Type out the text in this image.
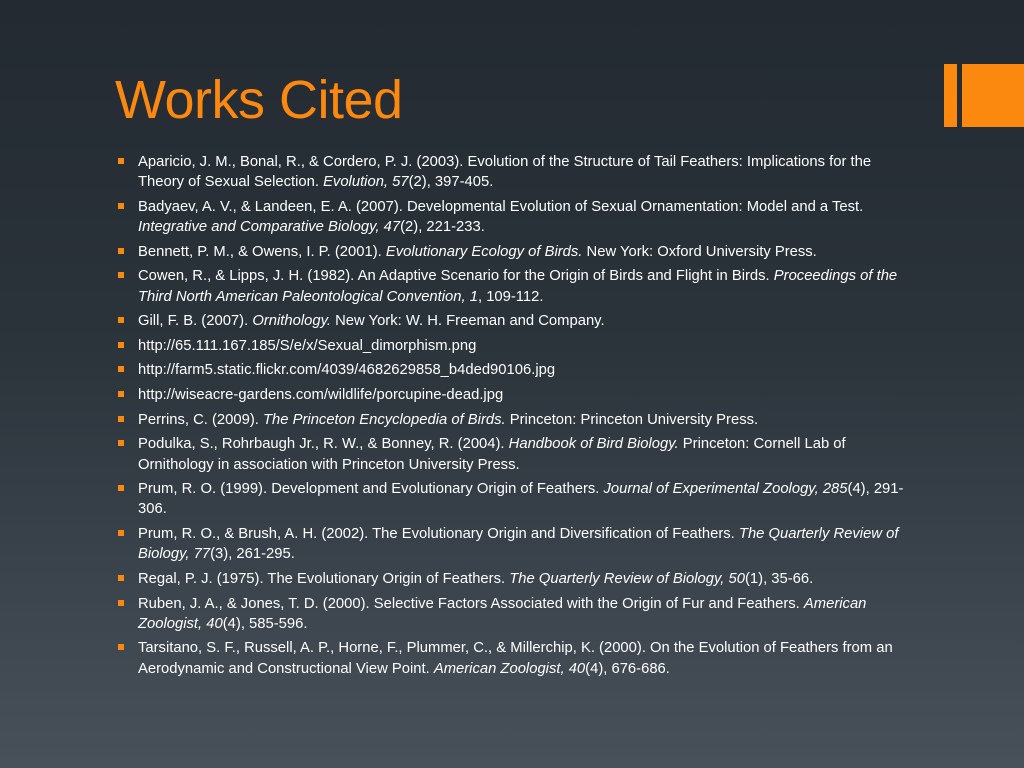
Works Cited
Aparicio, J. M., Bonal, R., & Cordero, P. J. (2003). Evolution of the Structure of Tail Feathers: Implications for the Theory of Sexual Selection. Evolution, 57(2), 397-405.
Badyaev, A. V., & Landeen, E. A. (2007). Developmental Evolution of Sexual Ornamentation: Model and a Test. Integrative and Comparative Biology, 47(2), 221-233.
Bennett, P. M., & Owens, I. P. (2001). Evolutionary Ecology of Birds. New York: Oxford University Press.
Cowen, R., & Lipps, J. H. (1982). An Adaptive Scenario for the Origin of Birds and Flight in Birds. Proceedings of the Third North American Paleontological Convention, 1, 109-112.
Gill, F. B. (2007). Ornithology. New York: W. H. Freeman and Company.
http://65.111.167.185/S/e/x/Sexual_dimorphism.png
http://farm5.static.flickr.com/4039/4682629858_b4ded90106.jpg
http://wiseacre-gardens.com/wildlife/porcupine-dead.jpg
Perrins, C. (2009). The Princeton Encyclopedia of Birds. Princeton: Princeton University Press.
Podulka, S., Rohrbaugh Jr., R. W., & Bonney, R. (2004). Handbook of Bird Biology. Princeton: Cornell Lab of Ornithology in association with Princeton University Press.
Prum, R. O. (1999). Development and Evolutionary Origin of Feathers. Journal of Experimental Zoology, 285(4), 291-306.
Prum, R. O., & Brush, A. H. (2002). The Evolutionary Origin and Diversification of Feathers. The Quarterly Review of Biology, 77(3), 261-295.
Regal, P. J. (1975). The Evolutionary Origin of Feathers. The Quarterly Review of Biology, 50(1), 35-66.
Ruben, J. A., & Jones, T. D. (2000). Selective Factors Associated with the Origin of Fur and Feathers. American Zoologist, 40(4), 585-596.
Tarsitano, S. F., Russell, A. P., Horne, F., Plummer, C., & Millerchip, K. (2000). On the Evolution of Feathers from an Aerodynamic and Constructional View Point. American Zoologist, 40(4), 676-686.
